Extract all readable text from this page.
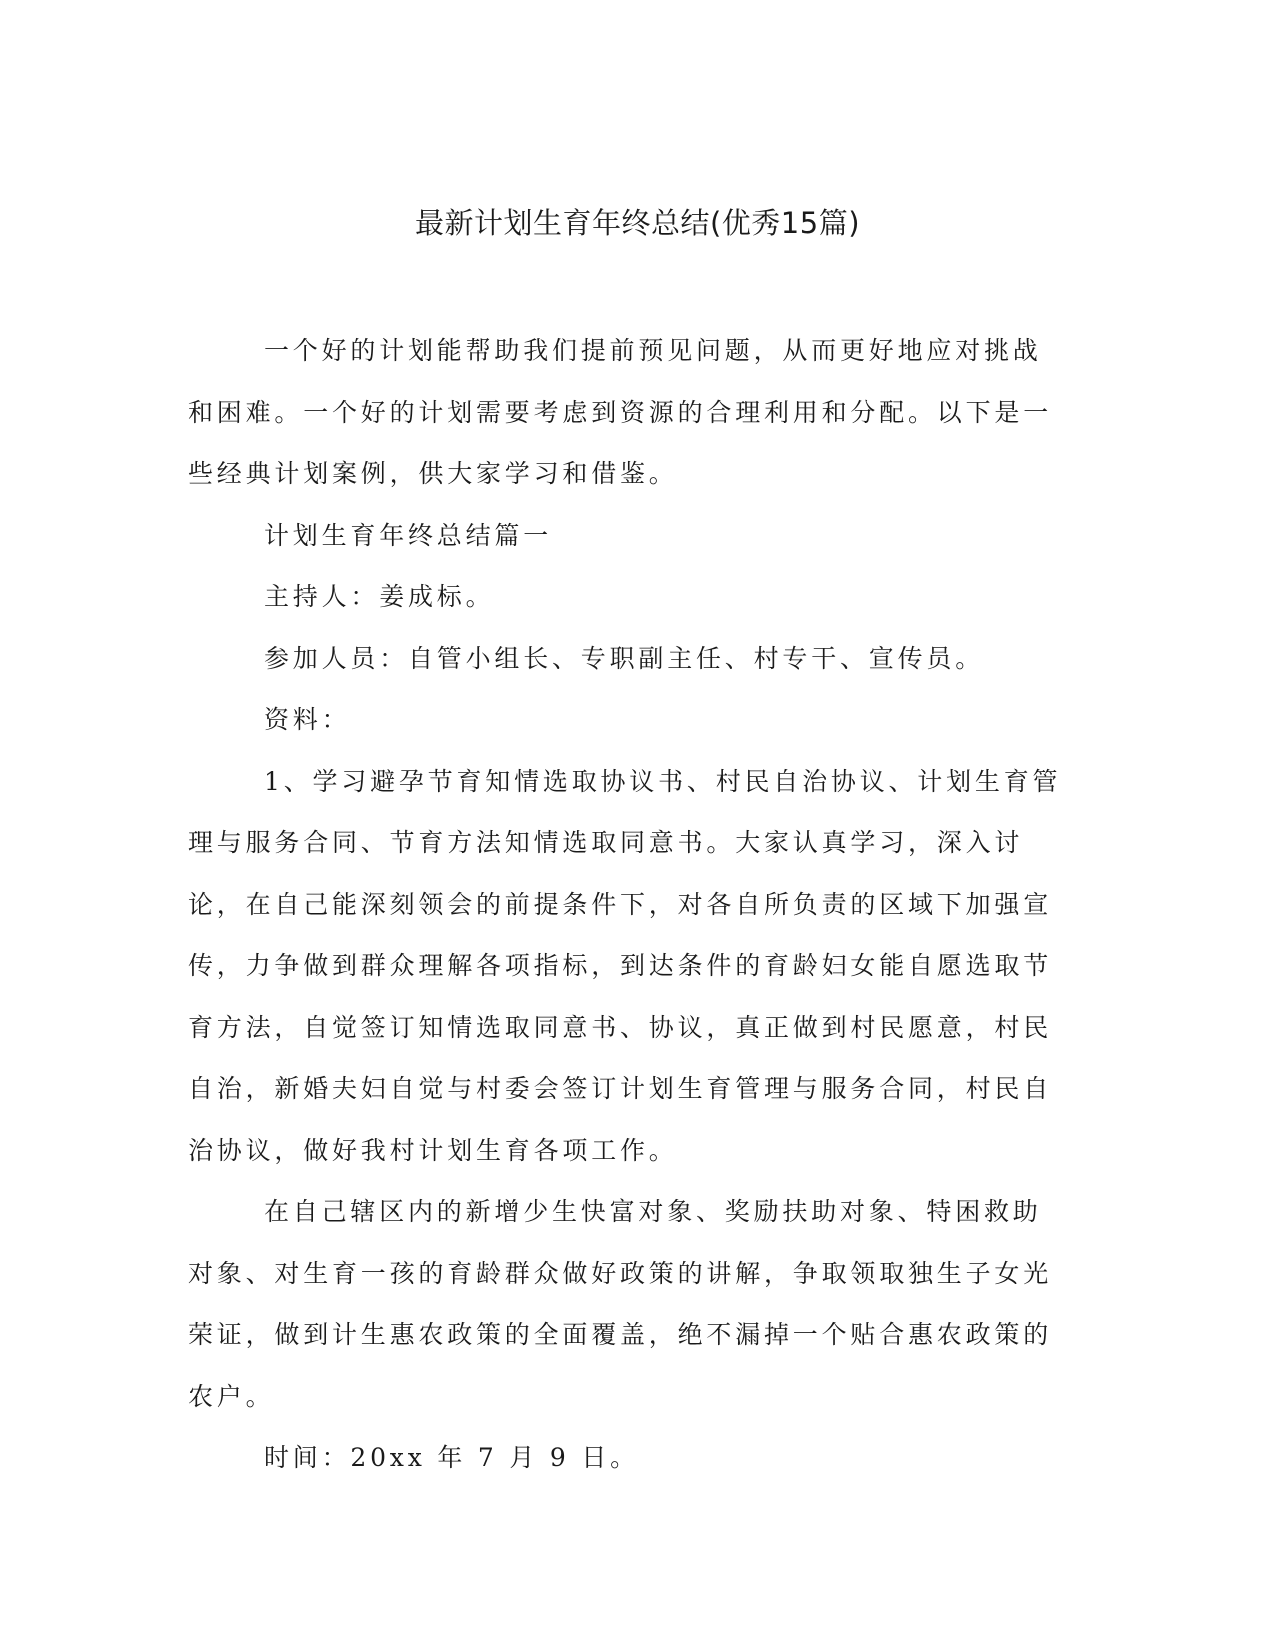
最新计划生育年终总结(优秀15篇)

一个好的计划能帮助我们提前预见问题，从而更好地应对挑战和困难。一个好的计划需要考虑到资源的合理利用和分配。以下是一些经典计划案例，供大家学习和借鉴。

计划生育年终总结篇一

主持人：姜成标。

参加人员：自管小组长、专职副主任、村专干、宣传员。

资料：

1、学习避孕节育知情选取协议书、村民自治协议、计划生育管理与服务合同、节育方法知情选取同意书。大家认真学习，深入讨论，在自己能深刻领会的前提条件下，对各自所负责的区域下加强宣传，力争做到群众理解各项指标，到达条件的育龄妇女能自愿选取节育方法，自觉签订知情选取同意书、协议，真正做到村民愿意，村民自治，新婚夫妇自觉与村委会签订计划生育管理与服务合同，村民自治协议，做好我村计划生育各项工作。

在自己辖区内的新增少生快富对象、奖励扶助对象、特困救助对象、对生育一孩的育龄群众做好政策的讲解，争取领取独生子女光荣证，做到计生惠农政策的全面覆盖，绝不漏掉一个贴合惠农政策的农户。

时间：20xx 年 7 月 9 日。
